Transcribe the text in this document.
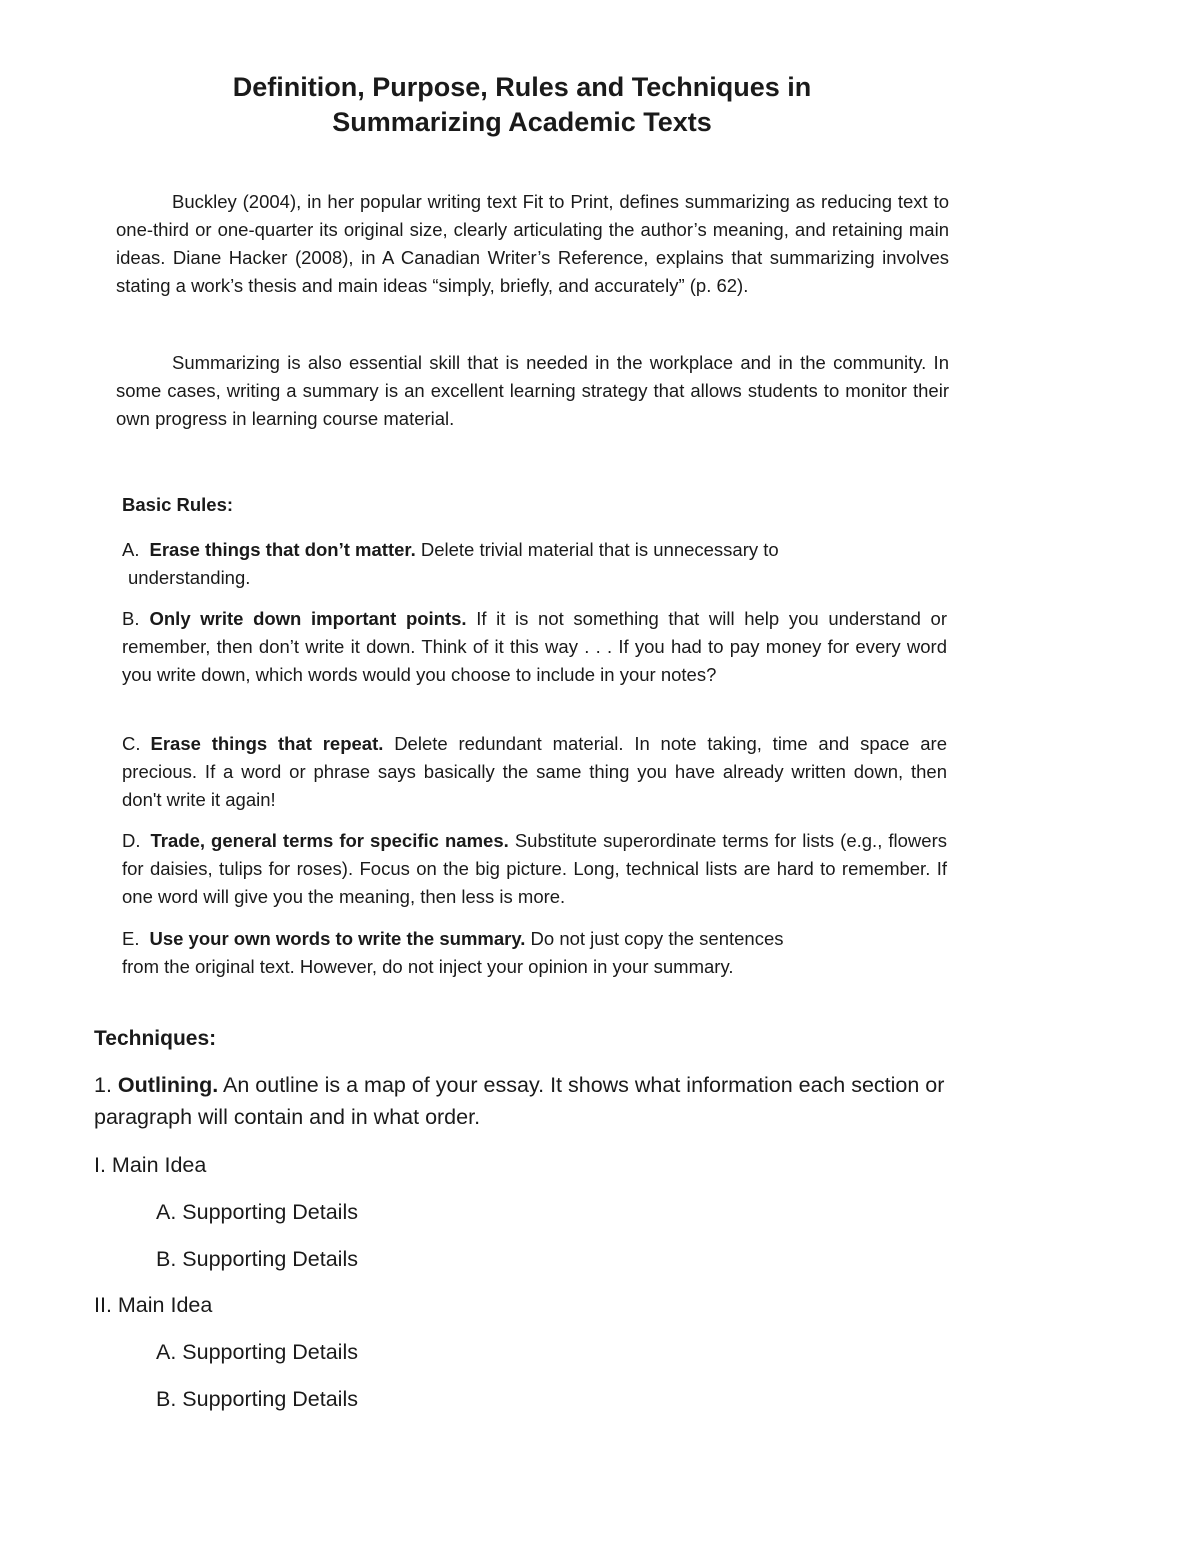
Definition, Purpose, Rules and Techniques in
Summarizing Academic Texts

Buckley (2004), in her popular writing text Fit to Print, defines summarizing as reducing text to one-third or one-quarter its original size, clearly articulating the author’s meaning, and retaining main ideas. Diane Hacker (2008), in A Canadian Writer’s Reference, explains that summarizing involves stating a work’s thesis and main ideas “simply, briefly, and accurately” (p. 62).

Summarizing is also essential skill that is needed in the workplace and in the community. In some cases, writing a summary is an excellent learning strategy that allows students to monitor their own progress in learning course material.

Basic Rules:

A. Erase things that don’t matter. Delete trivial material that is unnecessary to
understanding.

B. Only write down important points. If it is not something that will help you understand or remember, then don’t write it down. Think of it this way . . . If you had to pay money for every word you write down, which words would you choose to include in your notes?

C. Erase things that repeat. Delete redundant material. In note taking, time and space are precious. If a word or phrase says basically the same thing you have already written down, then don't write it again!

D. Trade, general terms for specific names. Substitute superordinate terms for lists (e.g., flowers for daisies, tulips for roses). Focus on the big picture. Long, technical lists are hard to remember. If one word will give you the meaning, then less is more.

E. Use your own words to write the summary. Do not just copy the sentences
from the original text. However, do not inject your opinion in your summary.

Techniques:

1. Outlining. An outline is a map of your essay. It shows what information each section or paragraph will contain and in what order.

I. Main Idea

A. Supporting Details

B. Supporting Details

II. Main Idea

A. Supporting Details

B. Supporting Details
